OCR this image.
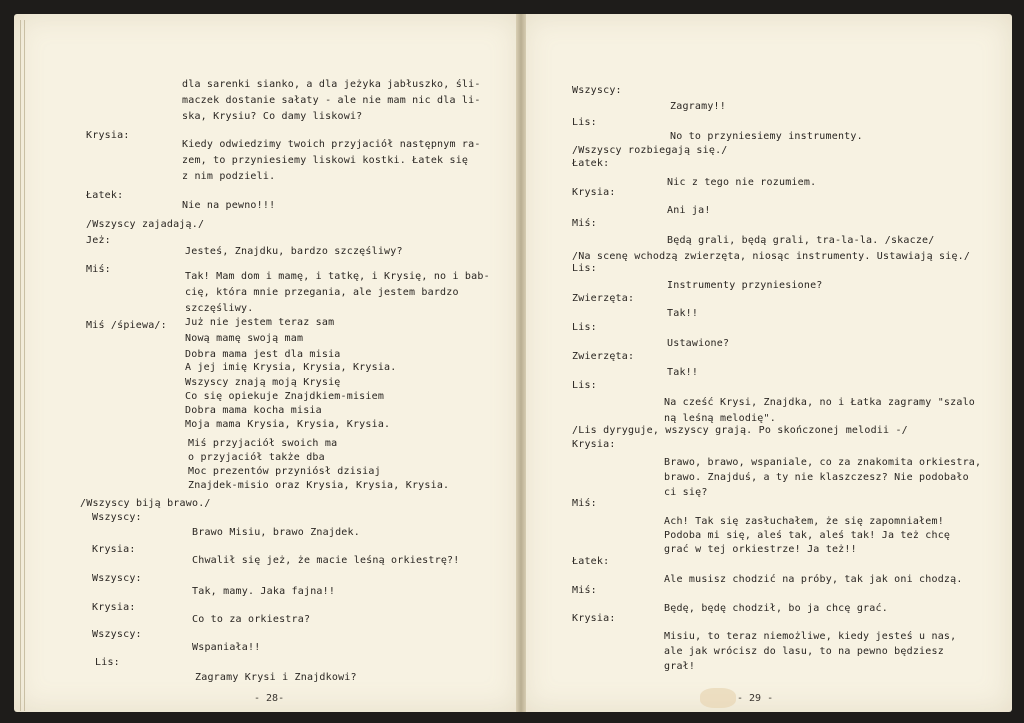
dla sarenki sianko, a dla jeżyka jabłuszko, śli-
maczek dostanie sałaty - ale nie mam nic dla li-
ska, Krysiu? Co damy liskowi?
Krysia:
Kiedy odwiedzimy twoich przyjaciół następnym ra-
zem, to przyniesiemy liskowi kostki. Łatek się
z nim podzieli.
Łatek:
Nie na pewno!!!
/Wszyscy zajadają./
Jeż:
Jesteś, Znajdku, bardzo szczęśliwy?
Miś:
Tak! Mam dom i mamę, i tatkę, i Krysię, no i bab-
cię, która mnie przegania, ale jestem bardzo
szczęśliwy.
Miś /śpiewa/: Już nie jestem teraz sam
Nową mamę swoją mam
Dobra mama jest dla misia
A jej imię Krysia, Krysia, Krysia.
Wszyscy znają moją Krysię
Co się opiekuje Znajdkiem-misiem
Dobra mama kocha misia
Moja mama Krysia, Krysia, Krysia.
Miś przyjaciół swoich ma
o przyjaciół także dba
Moc prezentów przyniósł dzisiaj
Znajdek-misio oraz Krysia, Krysia, Krysia.
/Wszyscy biją brawo./
Wszyscy:
Brawo Misiu, brawo Znajdek.
Krysia:
Chwalił się jeż, że macie leśną orkiestrę?!
Wszyscy:
Tak, mamy. Jaka fajna!!
Krysia:
Co to za orkiestra?
Wszyscy:
Wspaniała!!
Lis:
Zagramy Krysi i Znajdkowi?
Wszyscy:
Zagramy!!
Lis:
No to przyniesiemy instrumenty.
/Wszyscy rozbiegają się./
Łatek:
Nic z tego nie rozumiem.
Krysia:
Ani ja!
Miś:
Będą grali, będą grali, tra-la-la. /skacze/
/Na scenę wchodzą zwierzęta, niosąc instrumenty. Ustawiają się./
Lis:
Instrumenty przyniesione?
Zwierzęta:
Tak!!
Lis:
Ustawione?
Zwierzęta:
Tak!!
Lis:
Na cześć Krysi, Znajdka, no i Łatka zagramy "szalo
ną leśną melodię".
/Lis dyryguje, wszyscy grają. Po skończonej melodii -/
Krysia:
Brawo, brawo, wspaniale, co za znakomita orkiestra,
brawo. Znajduś, a ty nie klaszczesz? Nie podobało
ci się?
Miś:
Ach! Tak się zasłuchałem, że się zapomniałem!
Podoba mi się, aleś tak, aleś tak! Ja też chcę
grać w tej orkiestrze! Ja też!!
Łatek:
Ale musisz chodzić na próby, tak jak oni chodzą.
Miś:
Będę, będę chodził, bo ja chcę grać.
Krysia:
Misiu, to teraz niemożliwe, kiedy jesteś u nas,
ale jak wrócisz do lasu, to na pewno będziesz
grał!
- 28-	- 29 -
